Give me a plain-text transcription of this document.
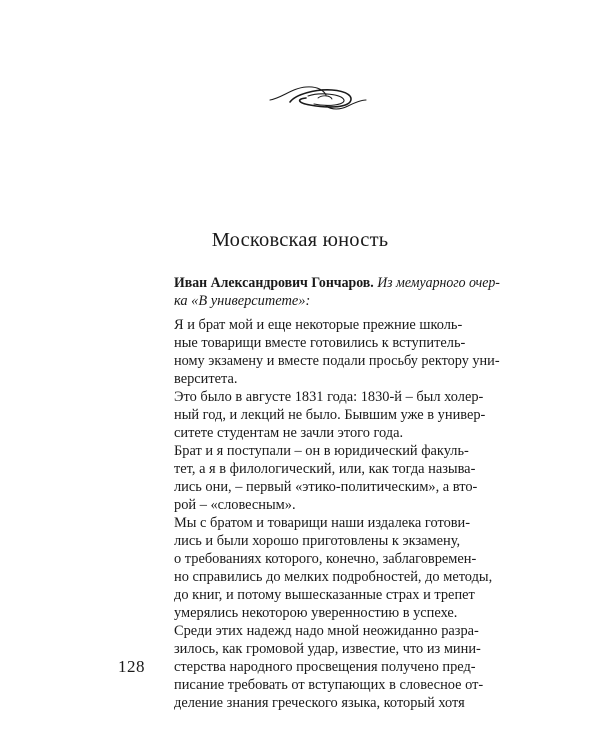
Московская юность
Иван Александрович Гончаров. Из мемуарного очер-
ка «В университете»:
Я и брат мой и еще некоторые прежние школь-
ные товарищи вместе готовились к вступитель-
ному экзамену и вместе подали просьбу ректору уни-
верситета.
Это было в августе 1831 года: 1830-й – был холер-
ный год, и лекций не было. Бывшим уже в универ-
ситете студентам не зачли этого года.
Брат и я поступали – он в юридический факуль-
тет, а я в филологический, или, как тогда называ-
лись они, – первый «этико-политическим», а вто-
рой – «словесным».
Мы с братом и товарищи наши издалека готови-
лись и были хорошо приготовлены к экзамену,
о требованиях которого, конечно, заблаговремен-
но справились до мелких подробностей, до методы,
до книг, и потому вышесказанные страх и трепет
умерялись некоторою уверенностию в успехе.
Среди этих надежд надо мной неожиданно разра-
зилось, как громовой удар, известие, что из мини-
стерства народного просвещения получено пред-
писание требовать от вступающих в словесное от-
деление знания греческого языка, который хотя
128
